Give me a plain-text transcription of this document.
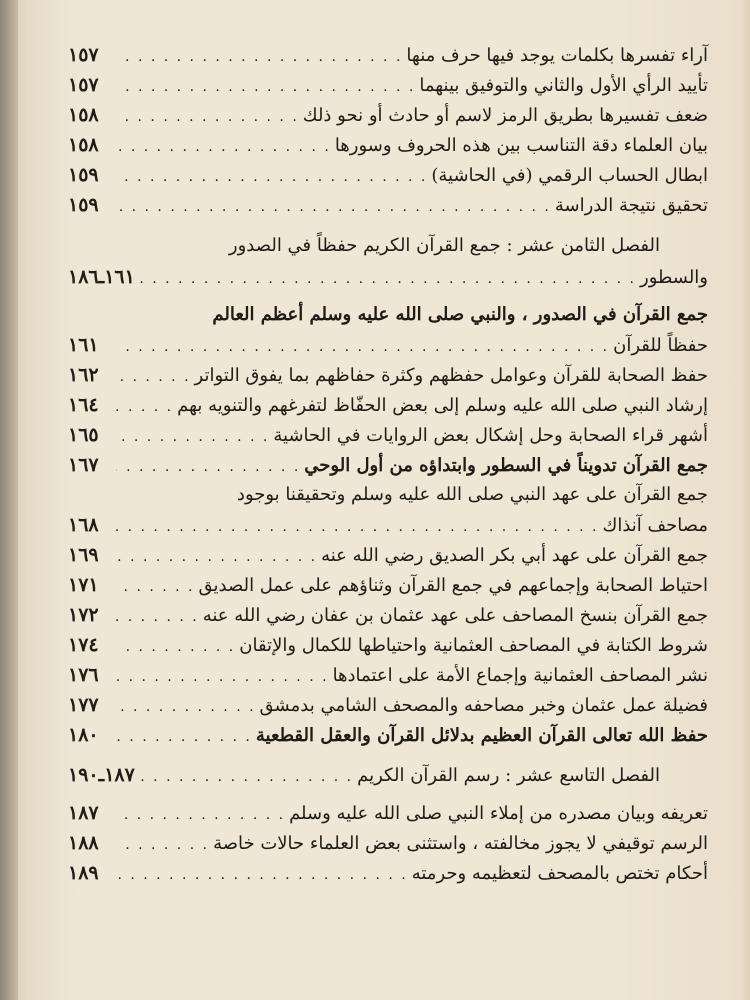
آراء تفسرها بكلمات يوجد فيها حرف منها
. . .
١٥٧
تأييد الرأي الأول والثاني والتوفيق بينهما
. . .
١٥٧
ضعف تفسيرها بطريق الرمز لاسم أو حادث أو نحو ذلك
. . .
١٥٨
بيان العلماء دقة التناسب بين هذه الحروف وسورها
. . .
١٥٨
ابطال الحساب الرقمي (في الحاشية)
. . .
١٥٩
تحقيق نتيجة الدراسة
. . .
١٥٩
الفصل الثامن عشر : جمع القرآن الكريم حفظاً في الصدور
والسطور
. . .
١٦١ـ١٨٦
جمع القرآن في الصدور ، والنبي صلى الله عليه وسلم أعظم العالم
حفظاً للقرآن
. . .
١٦١
حفظ الصحابة للقرآن وعوامل حفظهم وكثرة حفاظهم بما يفوق التواتر
. . .
١٦٢
إرشاد النبي صلى الله عليه وسلم إلى بعض الحفّاظ لتفرغهم والتنويه بهم
. . .
١٦٤
أشهر قراء الصحابة وحل إشكال بعض الروايات في الحاشية
. . .
١٦٥
جمع القرآن تدويناً في السطور وابتداؤه من أول الوحي
. . .
١٦٧
جمع القرآن على عهد النبي صلى الله عليه وسلم وتحقيقنا بوجود
مصاحف آنذاك
. . .
١٦٨
جمع القرآن على عهد أبي بكر الصديق رضي الله عنه
. . .
١٦٩
احتياط الصحابة وإجماعهم في جمع القرآن وثناؤهم على عمل الصديق
. . .
١٧١
جمع القرآن بنسخ المصاحف على عهد عثمان بن عفان رضي الله عنه
. . .
١٧٢
شروط الكتابة في المصاحف العثمانية واحتياطها للكمال والإتقان
. . .
١٧٤
نشر المصاحف العثمانية وإجماع الأمة على اعتمادها
. . .
١٧٦
فضيلة عمل عثمان وخبر مصاحفه والمصحف الشامي بدمشق
. . .
١٧٧
حفظ الله تعالى القرآن العظيم بدلائل القرآن والعقل القطعية
. . .
١٨٠
الفصل التاسع عشر : رسم القرآن الكريم
. . .
١٨٧ـ١٩٠
تعريفه وبيان مصدره من إملاء النبي صلى الله عليه وسلم
. . .
١٨٧
الرسم توقيفي لا يجوز مخالفته ، واستثنى بعض العلماء حالات خاصة
. . .
١٨٨
أحكام تختص بالمصحف لتعظيمه وحرمته
. . .
١٨٩
